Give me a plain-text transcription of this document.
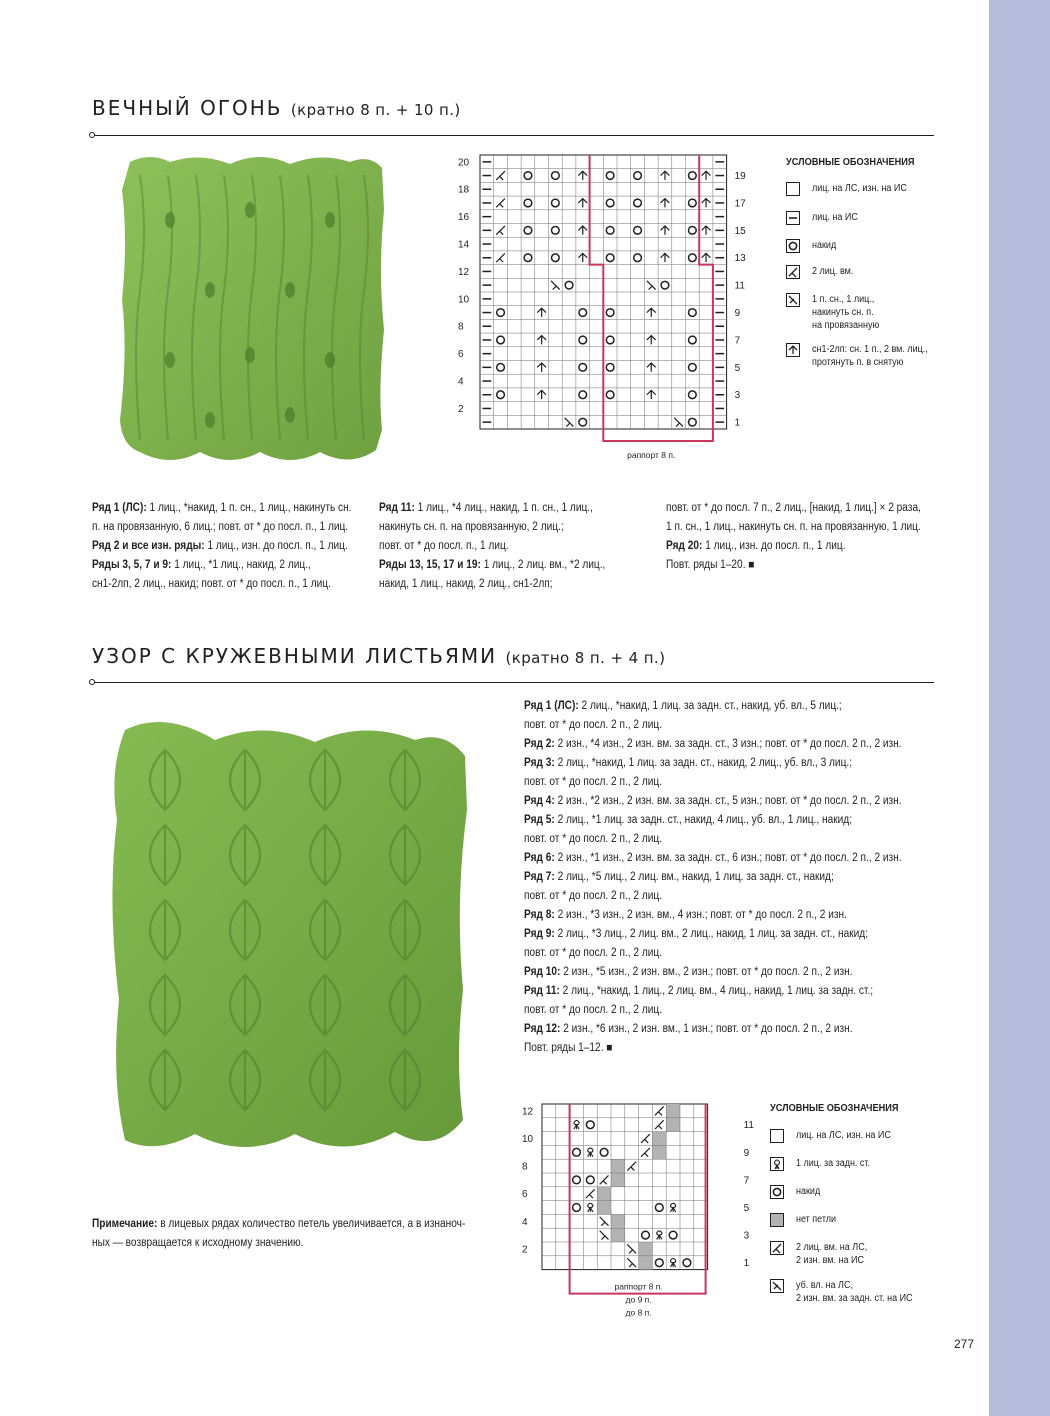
ВЕЧНЫЙ ОГОНЬ (кратно 8 п. + 10 п.)
20
18
16
14
12
10
8
6
4
2
19
17
15
13
11
9
7
5
3
1
раппорт 8 п.
УСЛОВНЫЕ ОБОЗНАЧЕНИЯ
лиц. на ЛС, изн. на ИС
лиц. на ИС
накид
2 лиц. вм.
1 п. сн., 1 лиц.,
накинуть сн. п.
на провязанную
сн1-2лп: сн. 1 п., 2 вм. лиц.,
протянуть п. в снятую

Ряд 1 (ЛС): 1 лиц., *накид, 1 п. сн., 1 лиц., накинуть сн.

п. на провязанную, 6 лиц.; повт. от * до посл. п., 1 лиц.

Ряд 2 и все изн. ряды: 1 лиц., изн. до посл. п., 1 лиц.

Ряды 3, 5, 7 и 9: 1 лиц., *1 лиц., накид, 2 лиц.,

сн1-2лп, 2 лиц., накид; повт. от * до посл. п., 1 лиц.

Ряд 11: 1 лиц., *4 лиц., накид, 1 п. сн., 1 лиц.,

накинуть сн. п. на провязанную, 2 лиц.;

повт. от * до посл. п., 1 лиц.

Ряды 13, 15, 17 и 19: 1 лиц., 2 лиц. вм., *2 лиц.,

накид, 1 лиц., накид, 2 лиц., сн1-2лп;

повт. от * до посл. 7 п., 2 лиц., [накид, 1 лиц.] × 2 раза,

1 п. сн., 1 лиц., накинуть сн. п. на провязанную, 1 лиц.

Ряд 20: 1 лиц., изн. до посл. п., 1 лиц.

Повт. ряды 1–20. ■

УЗОР С КРУЖЕВНЫМИ ЛИСТЬЯМИ (кратно 8 п. + 4 п.)

Ряд 1 (ЛС): 2 лиц., *накид, 1 лиц. за задн. ст., накид, уб. вл., 5 лиц.;

повт. от * до посл. 2 п., 2 лиц.

Ряд 2: 2 изн., *4 изн., 2 изн. вм. за задн. ст., 3 изн.; повт. от * до посл. 2 п., 2 изн.

Ряд 3: 2 лиц., *накид, 1 лиц. за задн. ст., накид, 2 лиц., уб. вл., 3 лиц.;

повт. от * до посл. 2 п., 2 лиц.

Ряд 4: 2 изн., *2 изн., 2 изн. вм. за задн. ст., 5 изн.; повт. от * до посл. 2 п., 2 изн.

Ряд 5: 2 лиц., *1 лиц. за задн. ст., накид, 4 лиц., уб. вл., 1 лиц., накид;

повт. от * до посл. 2 п., 2 лиц.

Ряд 6: 2 изн., *1 изн., 2 изн. вм. за задн. ст., 6 изн.; повт. от * до посл. 2 п., 2 изн.

Ряд 7: 2 лиц., *5 лиц., 2 лиц. вм., накид, 1 лиц. за задн. ст., накид;

повт. от * до посл. 2 п., 2 лиц.

Ряд 8: 2 изн., *3 изн., 2 изн. вм., 4 изн.; повт. от * до посл. 2 п., 2 изн.

Ряд 9: 2 лиц., *3 лиц., 2 лиц. вм., 2 лиц., накид, 1 лиц. за задн. ст., накид;

повт. от * до посл. 2 п., 2 лиц.

Ряд 10: 2 изн., *5 изн., 2 изн. вм., 2 изн.; повт. от * до посл. 2 п., 2 изн.

Ряд 11: 2 лиц., *накид, 1 лиц., 2 лиц. вм., 4 лиц., накид, 1 лиц. за задн. ст.;

повт. от * до посл. 2 п., 2 лиц.

Ряд 12: 2 изн., *6 изн., 2 изн. вм., 1 изн.; повт. от * до посл. 2 п., 2 изн.

Повт. ряды 1–12. ■

Примечание: в лицевых рядах количество петель увеличивается, а в изнаноч-

ных — возвращается к исходному значению.

12
10
8
6
4
2
11
9
7
5
3
1
раппорт 8 п.
до 9 п.
до 8 п.
УСЛОВНЫЕ ОБОЗНАЧЕНИЯ
лиц. на ЛС, изн. на ИС
1 лиц. за задн. ст.
накид
нет петли
2 лиц. вм. на ЛС,
2 изн. вм. на ИС
уб. вл. на ЛС,
2 изн. вм. за задн. ст. на ИС
277
